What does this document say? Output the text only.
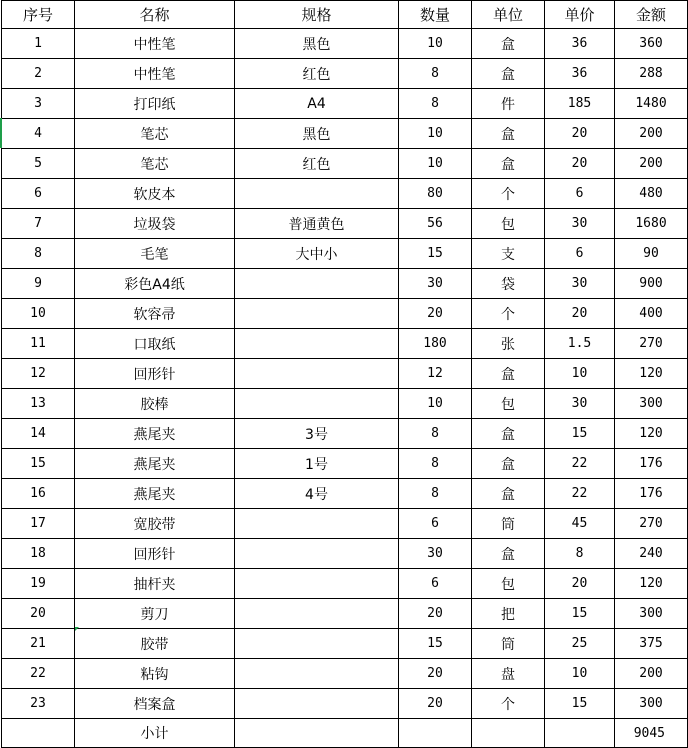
序号	名称	规格	数量	单位	单价	金额
1	中性笔	黑色	10	盒	36	360
2	中性笔	红色	8	盒	36	288
3	打印纸	A4	8	件	185	1480
4	笔芯	黑色	10	盒	20	200
5	笔芯	红色	10	盒	20	200
6	软皮本		80	个	6	480
7	垃圾袋	普通黄色	56	包	30	1680
8	毛笔	大中小	15	支	6	90
9	彩色A4纸		30	袋	30	900
10	软容帚		20	个	20	400
11	口取纸		180	张	1.5	270
12	回形针		12	盒	10	120
13	胶棒		10	包	30	300
14	燕尾夹	3号	8	盒	15	120
15	燕尾夹	1号	8	盒	22	176
16	燕尾夹	4号	8	盒	22	176
17	宽胶带		6	筒	45	270
18	回形针		30	盒	8	240
19	抽杆夹		6	包	20	120
20	剪刀		20	把	15	300
21	胶带		15	筒	25	375
22	粘钩		20	盘	10	200
23	档案盒		20	个	15	300
	小计					9045
